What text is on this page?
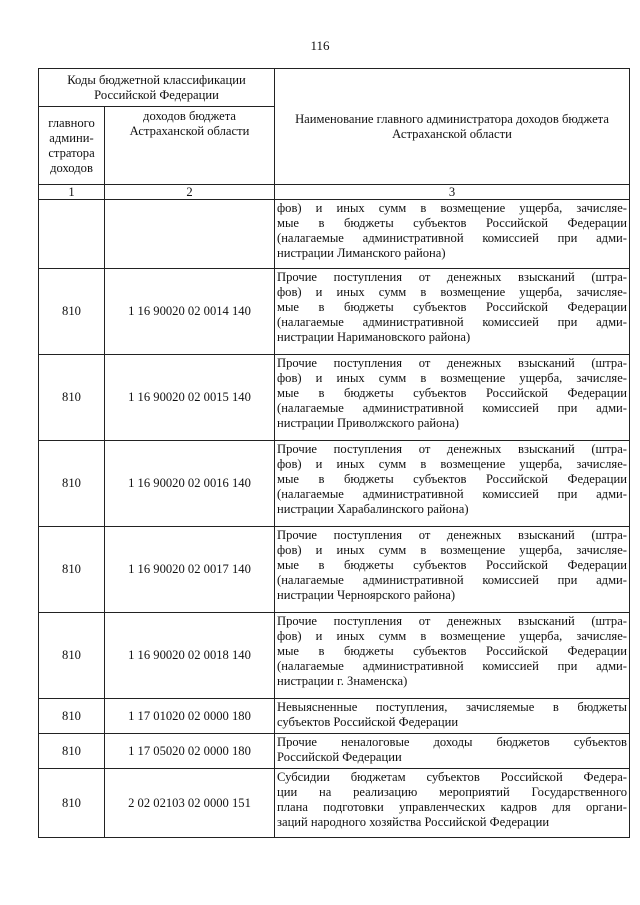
116
Коды бюджетной классификации Российской Федерации		Наименование главного администратора доходов бюджета Астраханской области
главного админи-стратора доходов	доходов бюджета Астраханской области	
1	2	3

		фов) и иных сумм в возмещение ущерба, зачисляе-
мые в бюджеты субъектов Российской Федерации
(налагаемые административной комиссией при адми-
нистрации Лиманского района)

810	1 16 90020 02 0014 140	Прочие поступления от денежных взысканий (штра-
фов) и иных сумм в возмещение ущерба, зачисляе-
мые в бюджеты субъектов Российской Федерации
(налагаемые административной комиссией при адми-
нистрации Наримановского района)

810	1 16 90020 02 0015 140	Прочие поступления от денежных взысканий (штра-
фов) и иных сумм в возмещение ущерба, зачисляе-
мые в бюджеты субъектов Российской Федерации
(налагаемые административной комиссией при адми-
нистрации Приволжского района)

810	1 16 90020 02 0016 140	Прочие поступления от денежных взысканий (штра-
фов) и иных сумм в возмещение ущерба, зачисляе-
мые в бюджеты субъектов Российской Федерации
(налагаемые административной комиссией при адми-
нистрации Харабалинского района)

810	1 16 90020 02 0017 140	Прочие поступления от денежных взысканий (штра-
фов) и иных сумм в возмещение ущерба, зачисляе-
мые в бюджеты субъектов Российской Федерации
(налагаемые административной комиссией при адми-
нистрации Черноярского района)

810	1 16 90020 02 0018 140	Прочие поступления от денежных взысканий (штра-
фов) и иных сумм в возмещение ущерба, зачисляе-
мые в бюджеты субъектов Российской Федерации
(налагаемые административной комиссией при адми-
нистрации г. Знаменска)

810	1 17 01020 02 0000 180	Невыясненные поступления, зачисляемые в бюджеты
субъектов Российской Федерации

810	1 17 05020 02 0000 180	Прочие неналоговые доходы бюджетов субъектов
Российской Федерации

810	2 02 02103 02 0000 151	Субсидии бюджетам субъектов Российской Федера-
ции на реализацию мероприятий Государственного
плана подготовки управленческих кадров для органи-
заций народного хозяйства Российской Федерации
